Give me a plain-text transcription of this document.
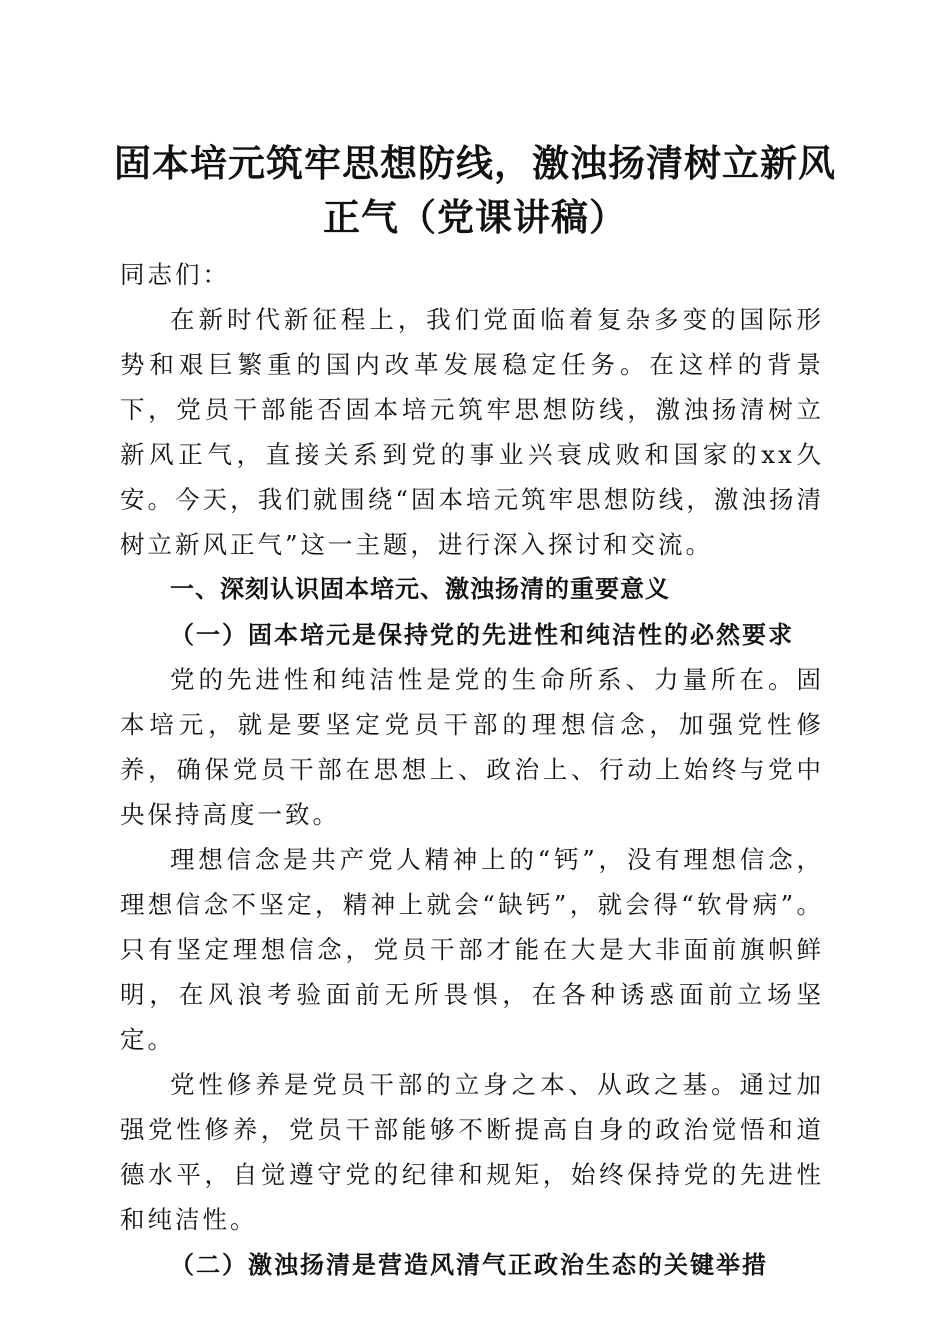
固本培元筑牢思想防线，激浊扬清树立新风正气（党课讲稿）

同志们：

在新时代新征程上，我们党面临着复杂多变的国际形势和艰巨繁重的国内改革发展稳定任务。在这样的背景下，党员干部能否固本培元筑牢思想防线，激浊扬清树立新风正气，直接关系到党的事业兴衰成败和国家的xx久安。今天，我们就围绕“固本培元筑牢思想防线，激浊扬清树立新风正气”这一主题，进行深入探讨和交流。

一、深刻认识固本培元、激浊扬清的重要意义

（一）固本培元是保持党的先进性和纯洁性的必然要求

党的先进性和纯洁性是党的生命所系、力量所在。固本培元，就是要坚定党员干部的理想信念，加强党性修养，确保党员干部在思想上、政治上、行动上始终与党中央保持高度一致。

理想信念是共产党人精神上的“钙”，没有理想信念，理想信念不坚定，精神上就会“缺钙”，就会得“软骨病”。只有坚定理想信念，党员干部才能在大是大非面前旗帜鲜明，在风浪考验面前无所畏惧，在各种诱惑面前立场坚定。

党性修养是党员干部的立身之本、从政之基。通过加强党性修养，党员干部能够不断提高自身的政治觉悟和道德水平，自觉遵守党的纪律和规矩，始终保持党的先进性和纯洁性。

（二）激浊扬清是营造风清气正政治生态的关键举措
